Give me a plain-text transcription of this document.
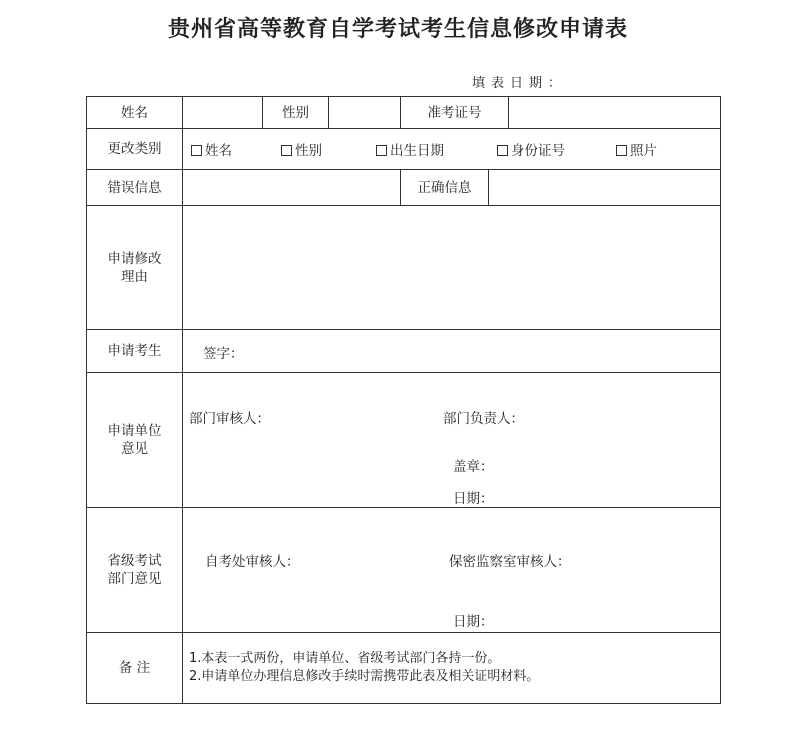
贵州省高等教育自学考试考生信息修改申请表
填表日期：
姓名		性别		准考证号		
更改类别	姓名 性别 出生日期 身份证号 照片					

错误信息				正确信息		

申请修改
理由						

申请考生	签字：					

申请单位
意见	部门审核人： 部门负责人：
盖章：
日期：					

省级考试
部门意见	自考处审核人： 保密监察室审核人：
日期：					

备 注	1.本表一式两份，申请单位、省级考试部门各持一份。
2.申请单位办理信息修改手续时需携带此表及相关证明材料。					
